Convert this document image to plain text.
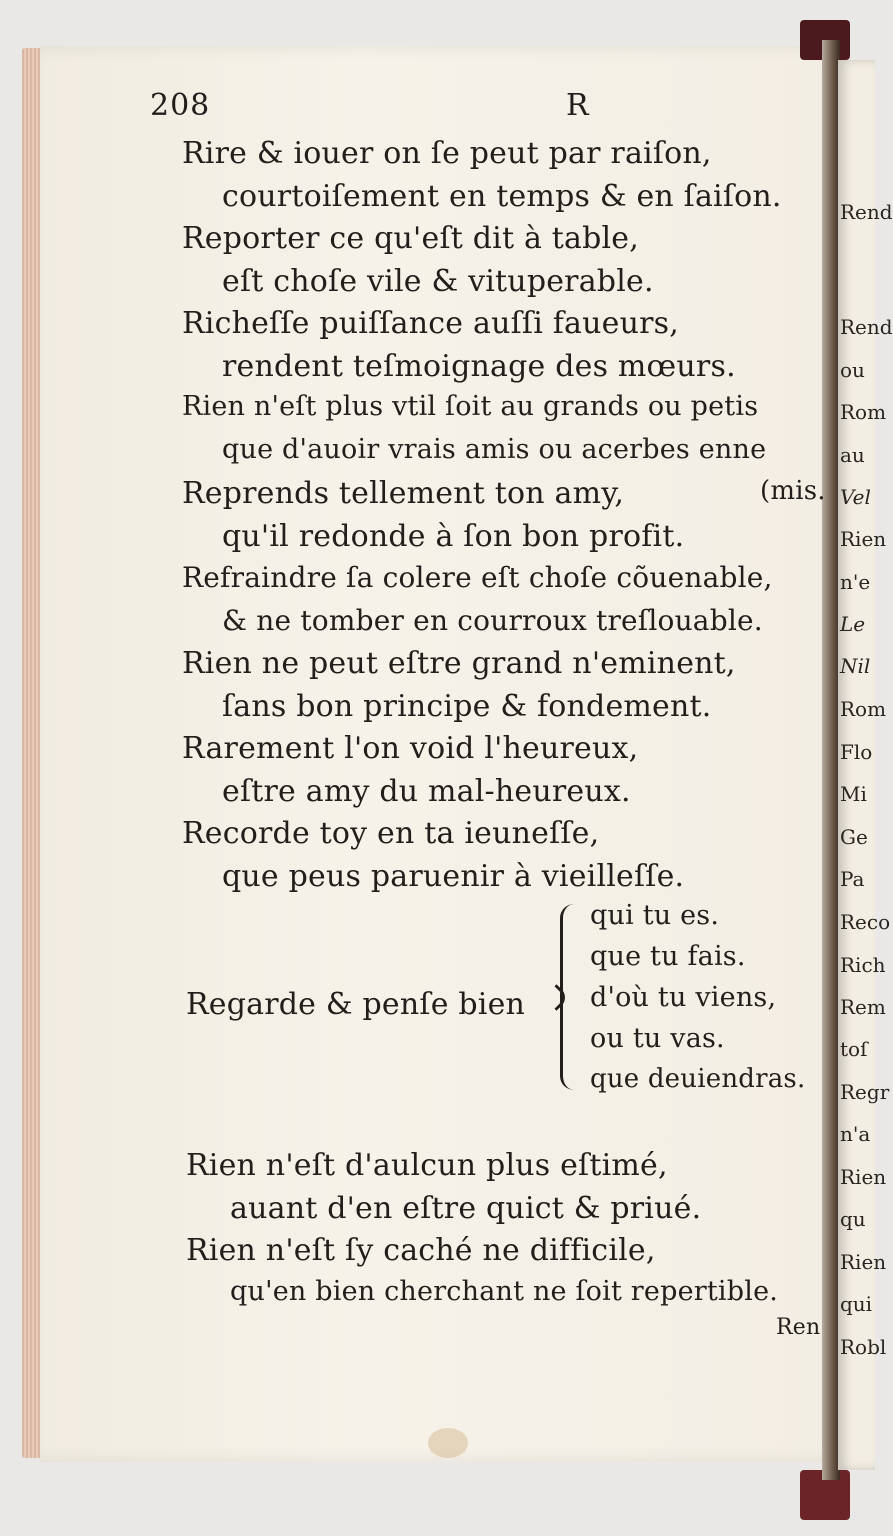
Rend
Rend
ou
Rom
au
Vel
Rien
n'e
Le
Nil
Rom
Flo
Mi
Ge
Pa
Reco
Rich
Rem
toſ
Regr
n'a
Rien
qu
Rien
qui
Robl
208	R
Rire & iouer on ſe peut par raiſon,
courtoiſement en temps & en ſaiſon.
Reporter ce qu'eſt dit à table,
eſt choſe vile & vituperable.
Richeſſe puiſſance auſſi faueurs,
rendent teſmoignage des mœurs.
Rien n'eſt plus vtil ſoit au grands ou petis
que d'auoir vrais amis ou acerbes enne
Reprends tellement ton amy,	(mis.
qu'il redonde à ſon bon profit.
Refraindre ſa colere eſt choſe cõuenable,
& ne tomber en courroux treſlouable.
Rien ne peut eſtre grand n'eminent,
ſans bon principe & fondement.
Rarement l'on void l'heureux,
eſtre amy du mal-heureux.
Recorde toy en ta ieuneſſe,
que peus paruenir à vieilleſſe.
Regarde & penſe bien
qui tu es.
que tu fais.
d'où tu viens,
ou tu vas.
que deuiendras.
Rien n'eſt d'aulcun plus eſtimé,
auant d'en eſtre quict & priué.
Rien n'eſt ſy caché ne difficile,
qu'en bien cherchant ne ſoit repertible.
Ren
